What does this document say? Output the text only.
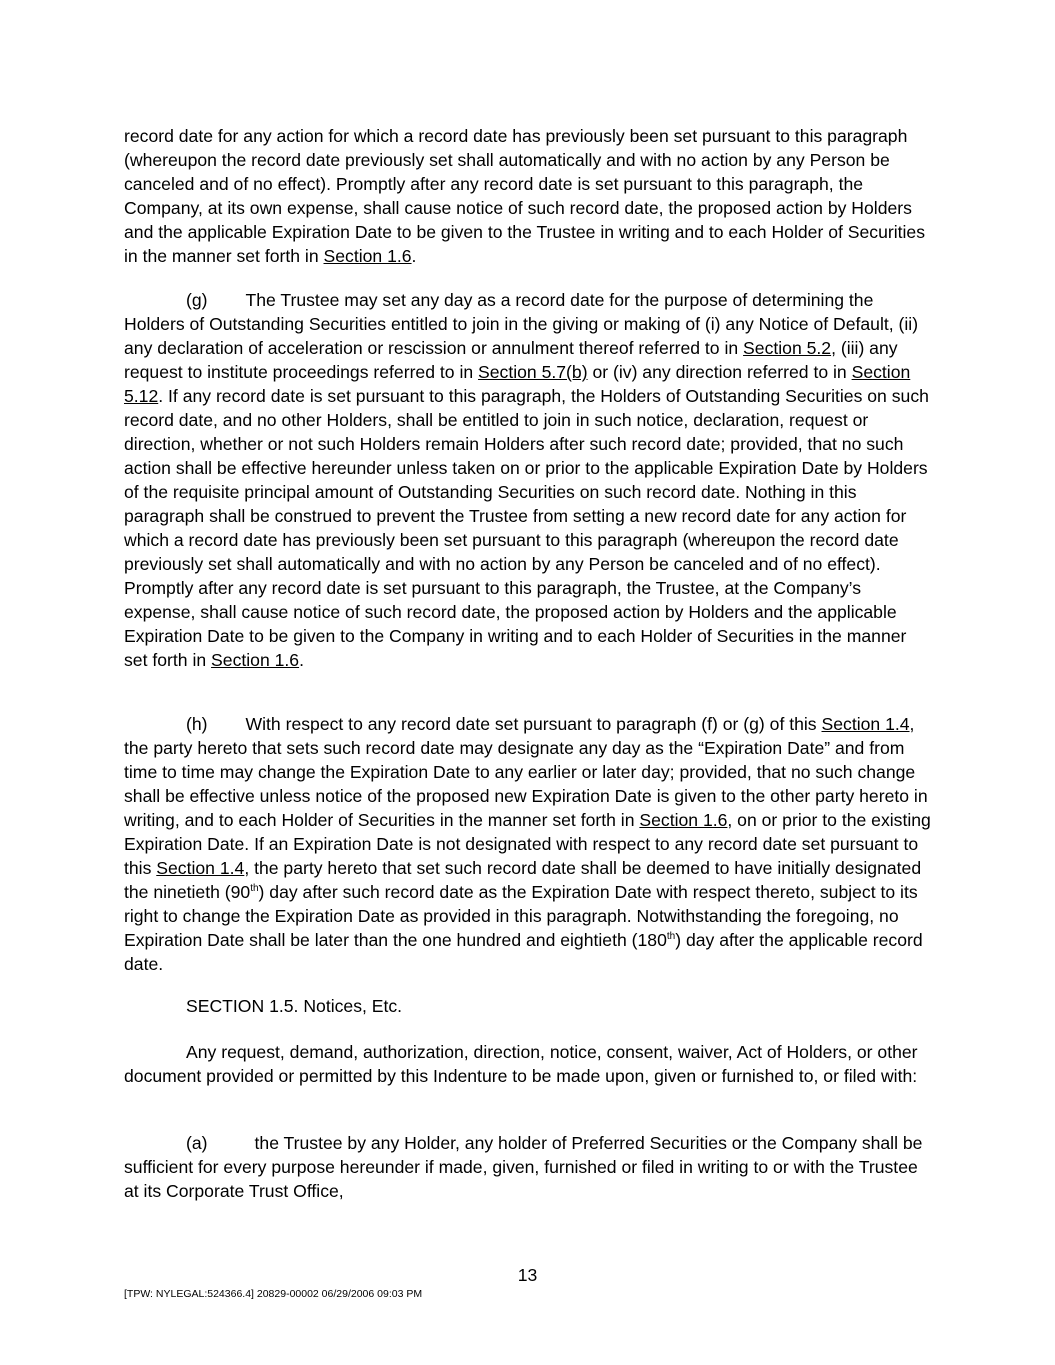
record date for any action for which a record date has previously been set pursuant to this paragraph (whereupon the record date previously set shall automatically and with no action by any Person be canceled and of no effect). Promptly after any record date is set pursuant to this paragraph, the Company, at its own expense, shall cause notice of such record date, the proposed action by Holders and the applicable Expiration Date to be given to the Trustee in writing and to each Holder of Securities in the manner set forth in Section 1.6.

(g) The Trustee may set any day as a record date for the purpose of determining the Holders of Outstanding Securities entitled to join in the giving or making of (i) any Notice of Default, (ii) any declaration of acceleration or rescission or annulment thereof referred to in Section 5.2, (iii) any request to institute proceedings referred to in Section 5.7(b) or (iv) any direction referred to in Section 5.12. If any record date is set pursuant to this paragraph, the Holders of Outstanding Securities on such record date, and no other Holders, shall be entitled to join in such notice, declaration, request or direction, whether or not such Holders remain Holders after such record date; provided, that no such action shall be effective hereunder unless taken on or prior to the applicable Expiration Date by Holders of the requisite principal amount of Outstanding Securities on such record date. Nothing in this paragraph shall be construed to prevent the Trustee from setting a new record date for any action for which a record date has previously been set pursuant to this paragraph (whereupon the record date previously set shall automatically and with no action by any Person be canceled and of no effect). Promptly after any record date is set pursuant to this paragraph, the Trustee, at the Company’s expense, shall cause notice of such record date, the proposed action by Holders and the applicable Expiration Date to be given to the Company in writing and to each Holder of Securities in the manner set forth in Section 1.6.

(h) With respect to any record date set pursuant to paragraph (f) or (g) of this Section 1.4, the party hereto that sets such record date may designate any day as the “Expiration Date” and from time to time may change the Expiration Date to any earlier or later day; provided, that no such change shall be effective unless notice of the proposed new Expiration Date is given to the other party hereto in writing, and to each Holder of Securities in the manner set forth in Section 1.6, on or prior to the existing Expiration Date. If an Expiration Date is not designated with respect to any record date set pursuant to this Section 1.4, the party hereto that set such record date shall be deemed to have initially designated the ninetieth (90th) day after such record date as the Expiration Date with respect thereto, subject to its right to change the Expiration Date as provided in this paragraph. Notwithstanding the foregoing, no Expiration Date shall be later than the one hundred and eightieth (180th) day after the applicable record date.

SECTION 1.5. Notices, Etc.

Any request, demand, authorization, direction, notice, consent, waiver, Act of Holders, or other document provided or permitted by this Indenture to be made upon, given or furnished to, or filed with:

(a)	the Trustee by any Holder, any holder of Preferred Securities or the Company shall be sufficient for every purpose hereunder if made, given, furnished or filed in writing to or with the Trustee at its Corporate Trust Office,

13
[TPW: NYLEGAL:524366.4] 20829-00002 06/29/2006 09:03 PM
